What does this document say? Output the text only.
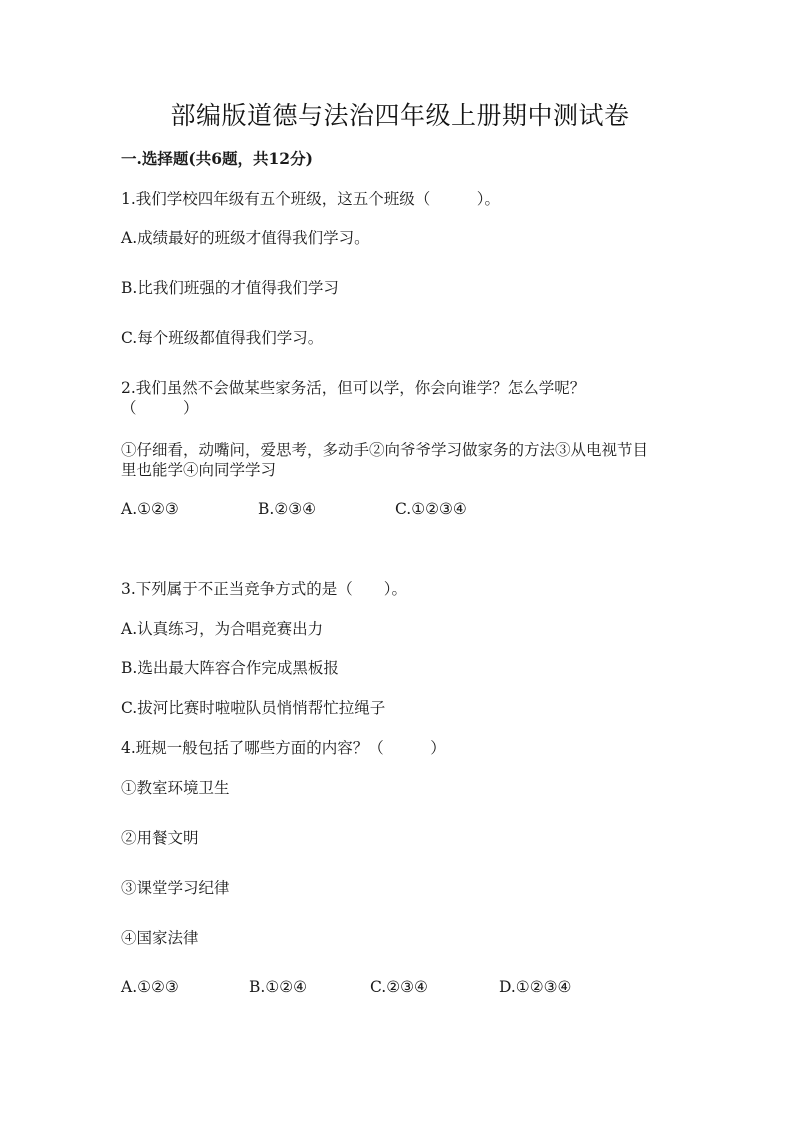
部编版道德与法治四年级上册期中测试卷
一.选择题(共6题，共12分)
1.我们学校四年级有五个班级，这五个班级（　　　）。
A.成绩最好的班级才值得我们学习。
B.比我们班强的才值得我们学习
C.每个班级都值得我们学习。
2.我们虽然不会做某些家务活，但可以学，你会向谁学？怎么学呢？
（　　　）
①仔细看，动嘴问，爱思考，多动手②向爷爷学习做家务的方法③从电视节目
里也能学④向同学学习
A.①②③	B.②③④	C.①②③④
3.下列属于不正当竞争方式的是（　　）。
A.认真练习，为合唱竞赛出力
B.选出最大阵容合作完成黑板报
C.拔河比赛时啦啦队员悄悄帮忙拉绳子
4.班规一般包括了哪些方面的内容？（　　　）
①教室环境卫生
②用餐文明
③课堂学习纪律
④国家法律
A.①②③	B.①②④	C.②③④	D.①②③④
